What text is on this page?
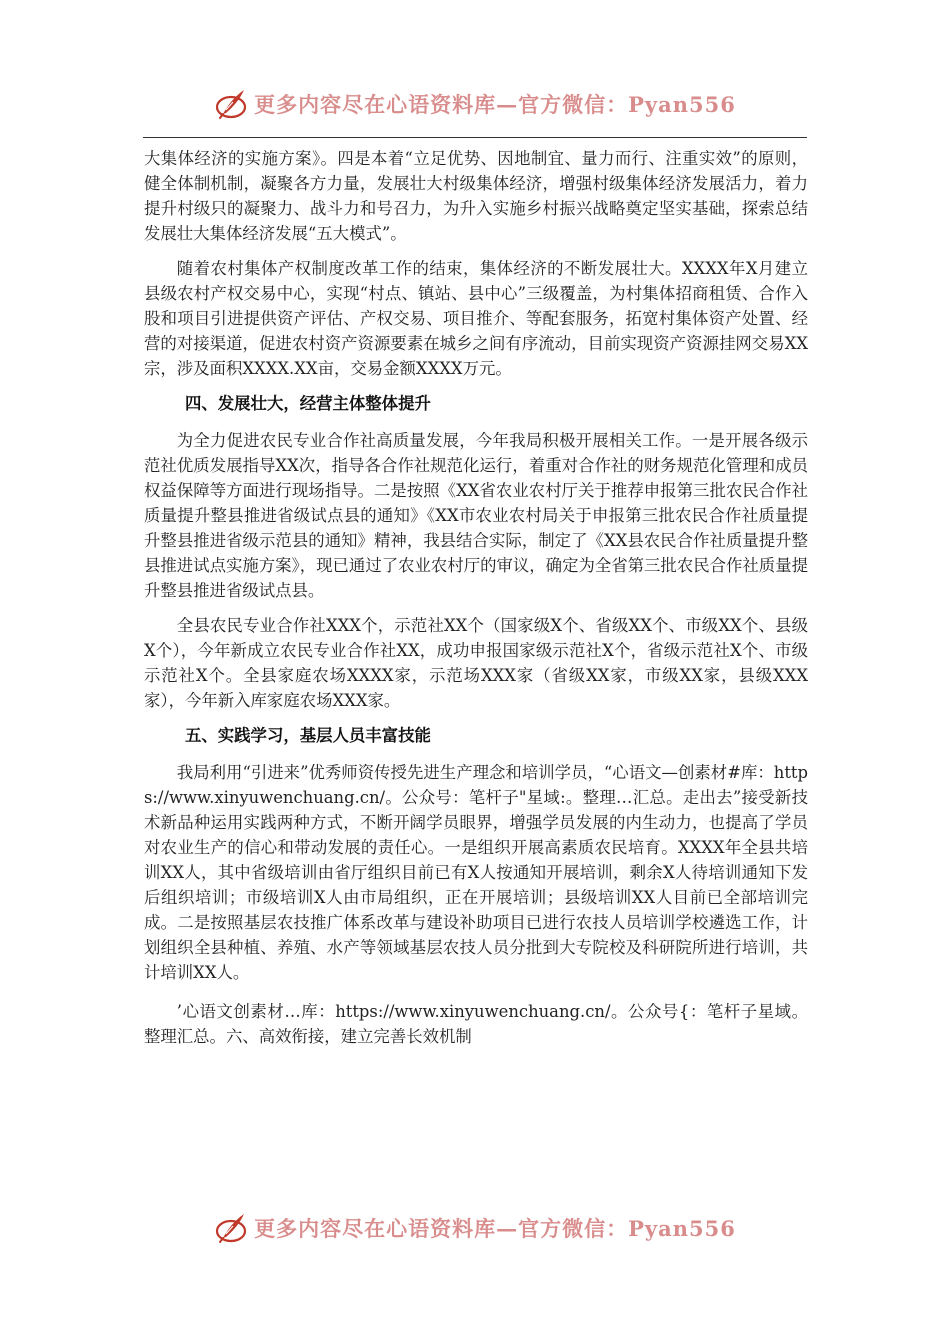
更多内容尽在心语资料库—官方微信：Pyan556

大集体经济的实施方案》。四是本着“立足优势、因地制宜、量力而行、注重实效”的原则，健全体制机制，凝聚各方力量，发展壮大村级集体经济，增强村级集体经济发展活力，着力提升村级只的凝聚力、战斗力和号召力，为升入实施乡村振兴战略奠定坚实基础，探索总结发展壮大集体经济发展“五大模式”。

随着农村集体产权制度改革工作的结束，集体经济的不断发展壮大。XXXX年X月建立县级农村产权交易中心，实现“村点、镇站、县中心”三级覆盖，为村集体招商租赁、合作入股和项目引进提供资产评估、产权交易、项目推介、等配套服务，拓宽村集体资产处置、经营的对接渠道，促进农村资产资源要素在城乡之间有序流动，目前实现资产资源挂网交易XX宗，涉及面积XXXX.XX亩，交易金额XXXX万元。

四、发展壮大，经营主体整体提升

为全力促进农民专业合作社高质量发展，今年我局积极开展相关工作。一是开展各级示范社优质发展指导XX次，指导各合作社规范化运行，着重对合作社的财务规范化管理和成员权益保障等方面进行现场指导。二是按照《XX省农业农村厅关于推荐申报第三批农民合作社质量提升整县推进省级试点县的通知》《XX市农业农村局关于申报第三批农民合作社质量提升整县推进省级示范县的通知》精神，我县结合实际，制定了《XX县农民合作社质量提升整县推进试点实施方案》，现已通过了农业农村厅的审议，确定为全省第三批农民合作社质量提升整县推进省级试点县。

全县农民专业合作社XXX个，示范社XX个（国家级X个、省级XX个、市级XX个、县级X个），今年新成立农民专业合作社XX，成功申报国家级示范社X个，省级示范社X个、市级示范社X个。全县家庭农场XXXX家，示范场XXX家（省级XX家，市级XX家，县级XXX家），今年新入库家庭农场XXX家。

五、实践学习，基层人员丰富技能

我局利用“引进来”优秀师资传授先进生产理念和培训学员，“心语文—创素材#库：https://www.xinyuwenchuang.cn/。公众号：笔杆子"星域:。整理…汇总。走出去”接受新技术新品种运用实践两种方式，不断开阔学员眼界，增强学员发展的内生动力，也提高了学员对农业生产的信心和带动发展的责任心。一是组织开展高素质农民培育。XXXX年全县共培训XX人，其中省级培训由省厅组织目前已有X人按通知开展培训，剩余X人待培训通知下发后组织培训；市级培训X人由市局组织，正在开展培训；县级培训XX人目前已全部培训完成。二是按照基层农技推广体系改革与建设补助项目已进行农技人员培训学校遴选工作，计划组织全县种植、养殖、水产等领域基层农技人员分批到大专院校及科研院所进行培训，共计培训XX人。

’心语文创素材…库：https://www.xinyuwenchuang.cn/。公众号{：笔杆子星域。整理汇总。六、高效衔接，建立完善长效机制

更多内容尽在心语资料库—官方微信：Pyan556
